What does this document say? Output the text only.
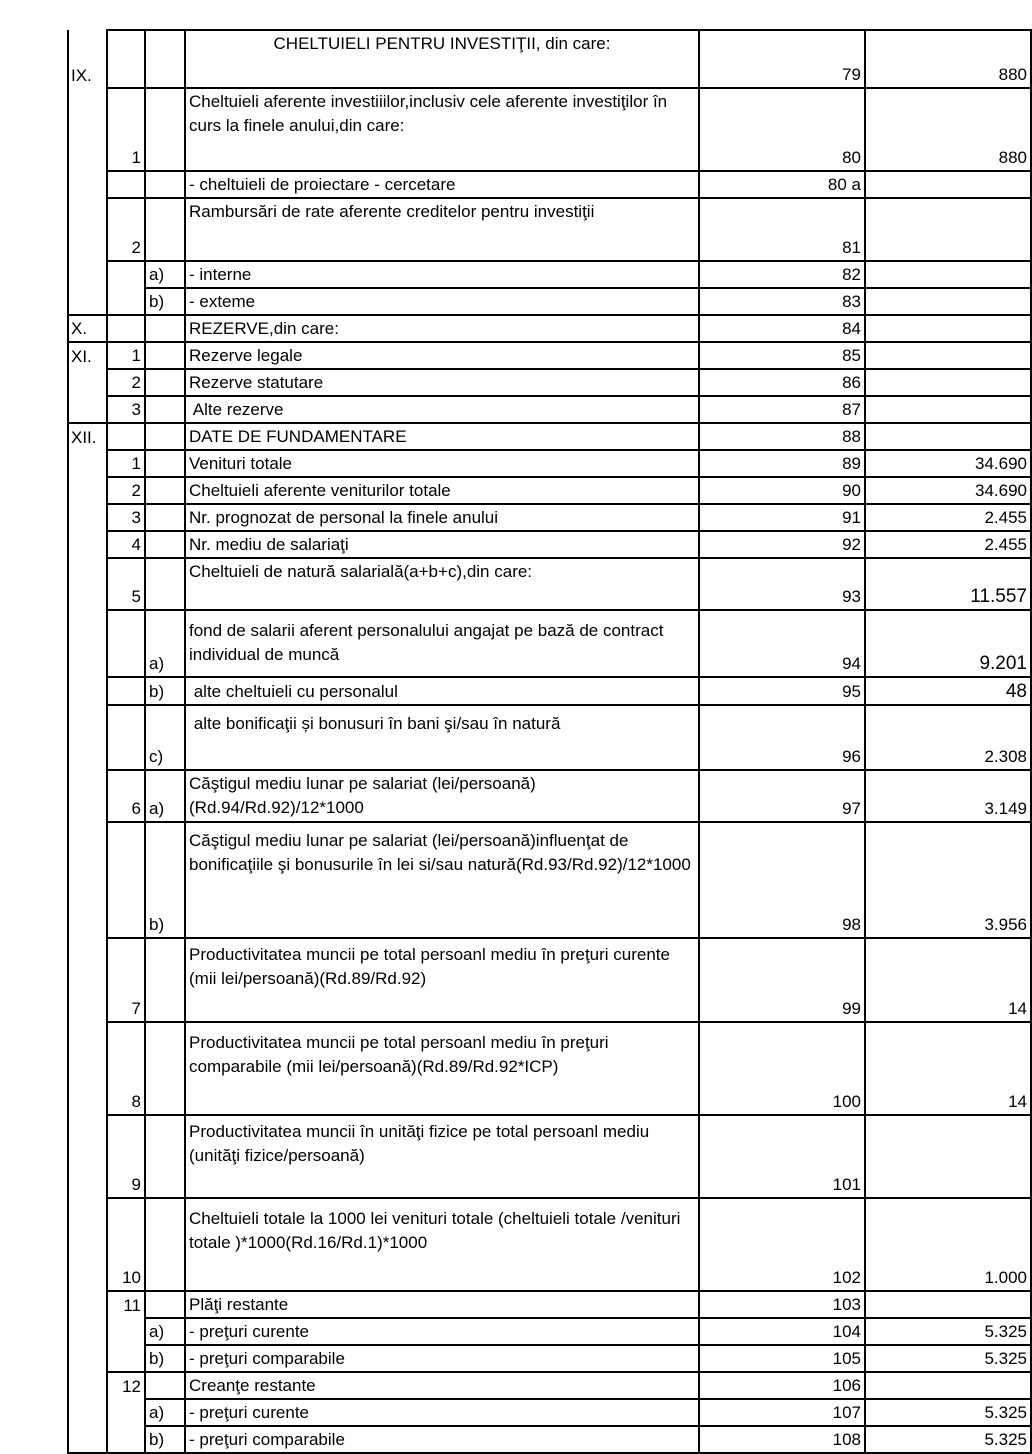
IX.			CHELTUIELI PENTRU INVESTIŢII, din care:	79	880
	1		Cheltuieli aferente investiiilor,inclusiv cele aferente investiţilor în curs la finele anului,din care:	80	880
			- cheltuieli de proiectare - cercetare	80 a	
	2		Rambursări de rate aferente creditelor pentru investiţii	81	
		a)	- interne	82	
		b)	- exteme	83	
X.			REZERVE,din care:	84	
XI.	1		Rezerve legale	85	
	2		Rezerve statutare	86	
	3		Alte rezerve	87	
XII.			DATE DE FUNDAMENTARE	88	
	1		Venituri totale	89	34.690
	2		Cheltuieli aferente veniturilor totale	90	34.690
	3		Nr. prognozat de personal la finele anului	91	2.455
	4		Nr. mediu de salariaţi	92	2.455
	5		Cheltuieli de natură salarială(a+b+c),din care:	93	11.557
		a)	fond de salarii aferent personalului angajat pe bază de contract individual de muncă	94	9.201
		b)	alte cheltuieli cu personalul	95	48
		c)	alte bonificaţii și bonusuri în bani şi/sau în natură	96	2.308
	6	a)	Căştigul mediu lunar pe salariat (lei/persoană)(Rd.94/Rd.92)/12*1000	97	3.149
		b)	Căştigul mediu lunar pe salariat (lei/persoană)influenţat de bonificaţiile şi bonusurile în lei si/sau natură(Rd.93/Rd.92)/12*1000	98	3.956
	7		Productivitatea muncii pe total persoanl mediu în preţuri curente (mii lei/persoană)(Rd.89/Rd.92)	99	14
	8		Productivitatea muncii pe total persoanl mediu în preţuri comparabile (mii lei/persoană)(Rd.89/Rd.92*ICP)	100	14
	9		Productivitatea muncii în unităţi fizice pe total persoanl mediu (unităţi fizice/persoană)	101	
	10		Cheltuieli totale la 1000 lei venituri totale (cheltuieli totale /venituri totale )*1000(Rd.16/Rd.1)*1000	102	1.000
	11		Plăţi restante	103	
		a)	- preţuri curente	104	5.325
		b)	- preţuri comparabile	105	5.325
	12		Creanţe restante	106	
		a)	- preţuri curente	107	5.325
		b)	- preţuri comparabile	108	5.325
